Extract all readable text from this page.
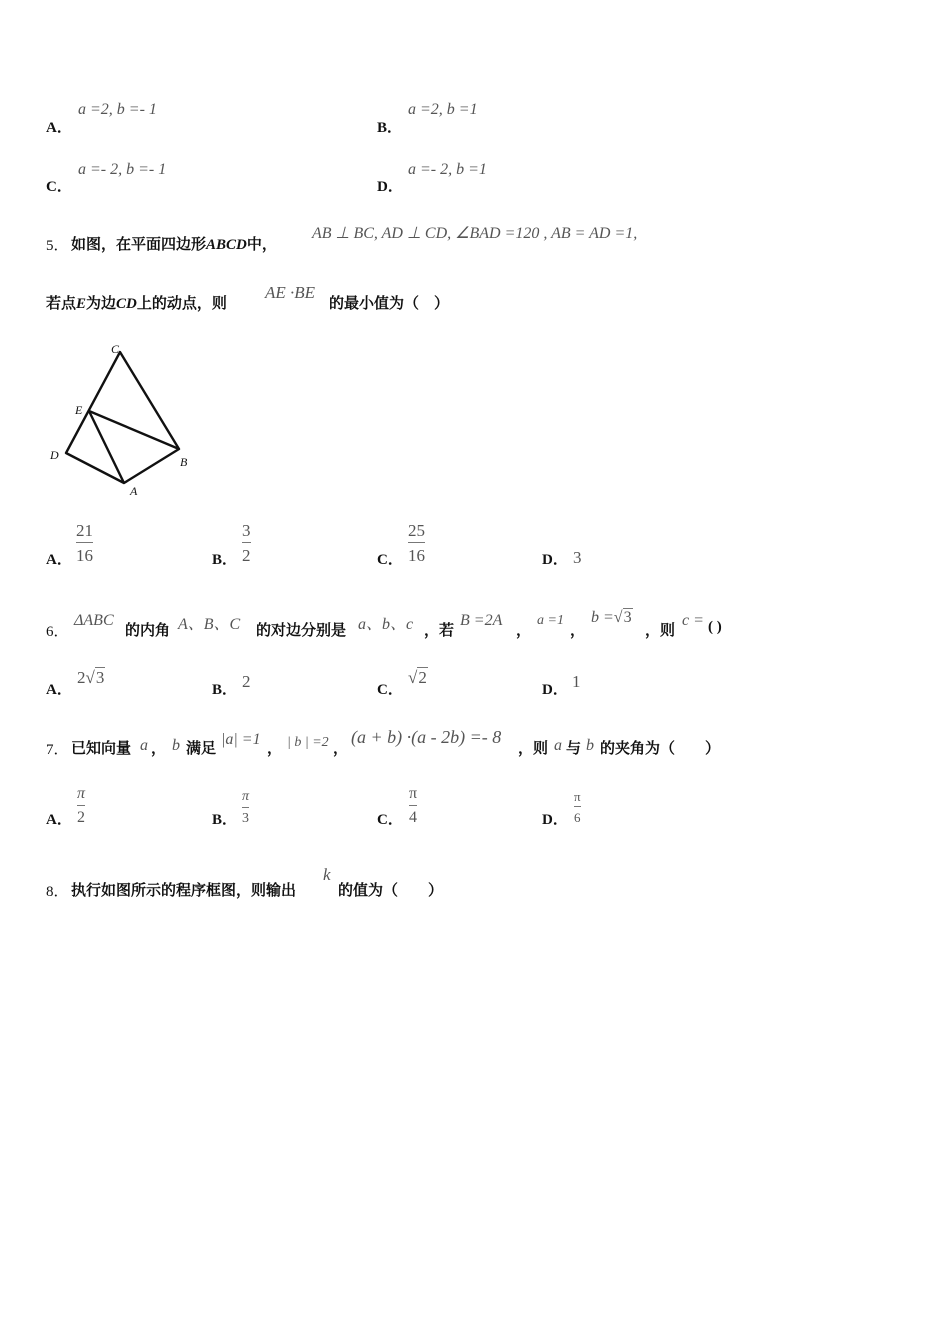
A．
a =2, b =- 1
B．
a =2, b =1
C．
a =- 2, b =- 1
D．
a =- 2, b =1
5． 如图，在平面四边形ABCD中，
AB ⊥ BC, AD ⊥ CD, ∠BAD =120 , AB = AD =1,
若点E为边CD上的动点，则
AE ·BE
的最小值为（　）
C
E
D	B
A
A．
21
16	B．
3
2	C．
25
16	D． 3
6．
ΔABC
的内角 A、B、C 的对边分别是 a、b、c ，若
B =2A
，
a =1
，
b =√3
，则
c = ( )
A．
2√3
B． 2	C．
√2
D． 1
7． 已知向量 a ， b 满足 |a| =1 ， | b | =2 ，
(a + b) ·(a - 2b) =- 8
，则 a 与 b 的夹角为（　　）
A．
π
2	B．
π
3	C．
π
4	D．
π
6
8． 执行如图所示的程序框图，则输出
k
的值为（　　）
